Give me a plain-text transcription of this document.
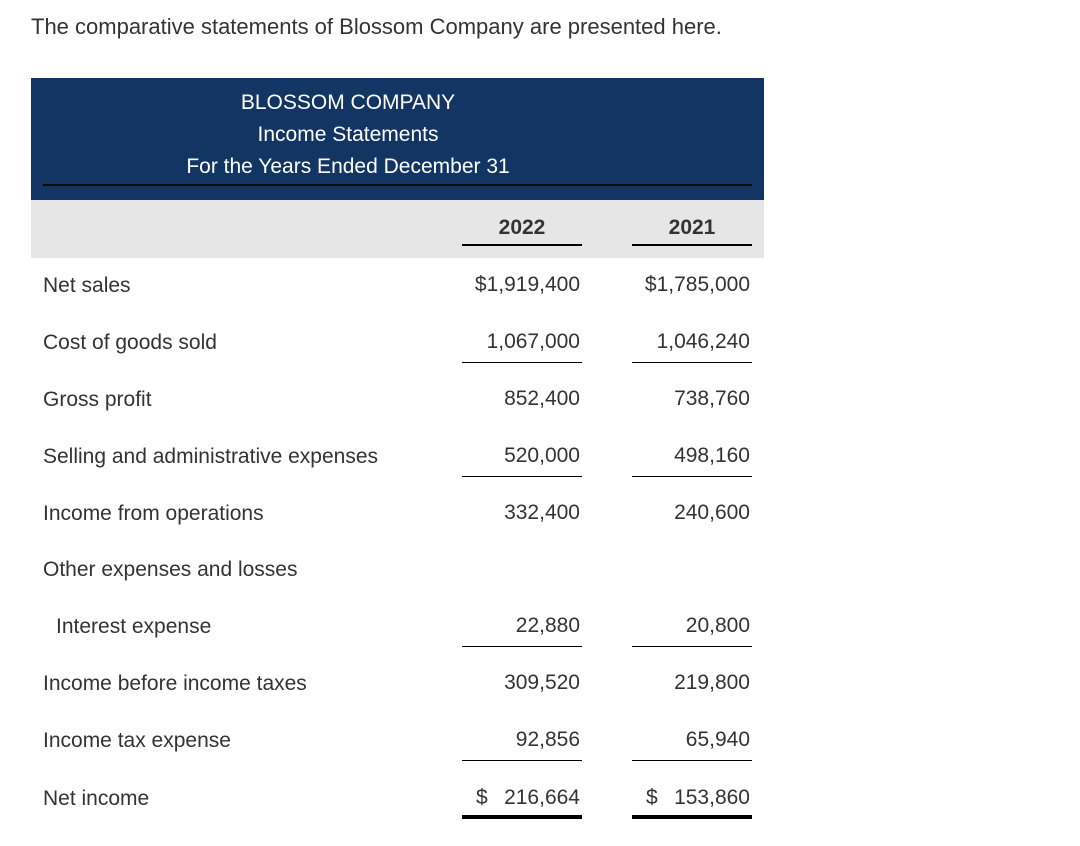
The comparative statements of Blossom Company are presented here.
BLOSSOM COMPANY
Income Statements
For the Years Ended December 31
2022	2021
Net sales	$1,919,400	$1,785,000
Cost of goods sold	1,067,000	1,046,240
Gross profit	852,400	738,760
Selling and administrative expenses	520,000	498,160
Income from operations	332,400	240,600
Other expenses and losses
Interest expense	22,880	20,800
Income before income taxes	309,520	219,800
Income tax expense	92,856	65,940
Net income	$ 216,664	$ 153,860
